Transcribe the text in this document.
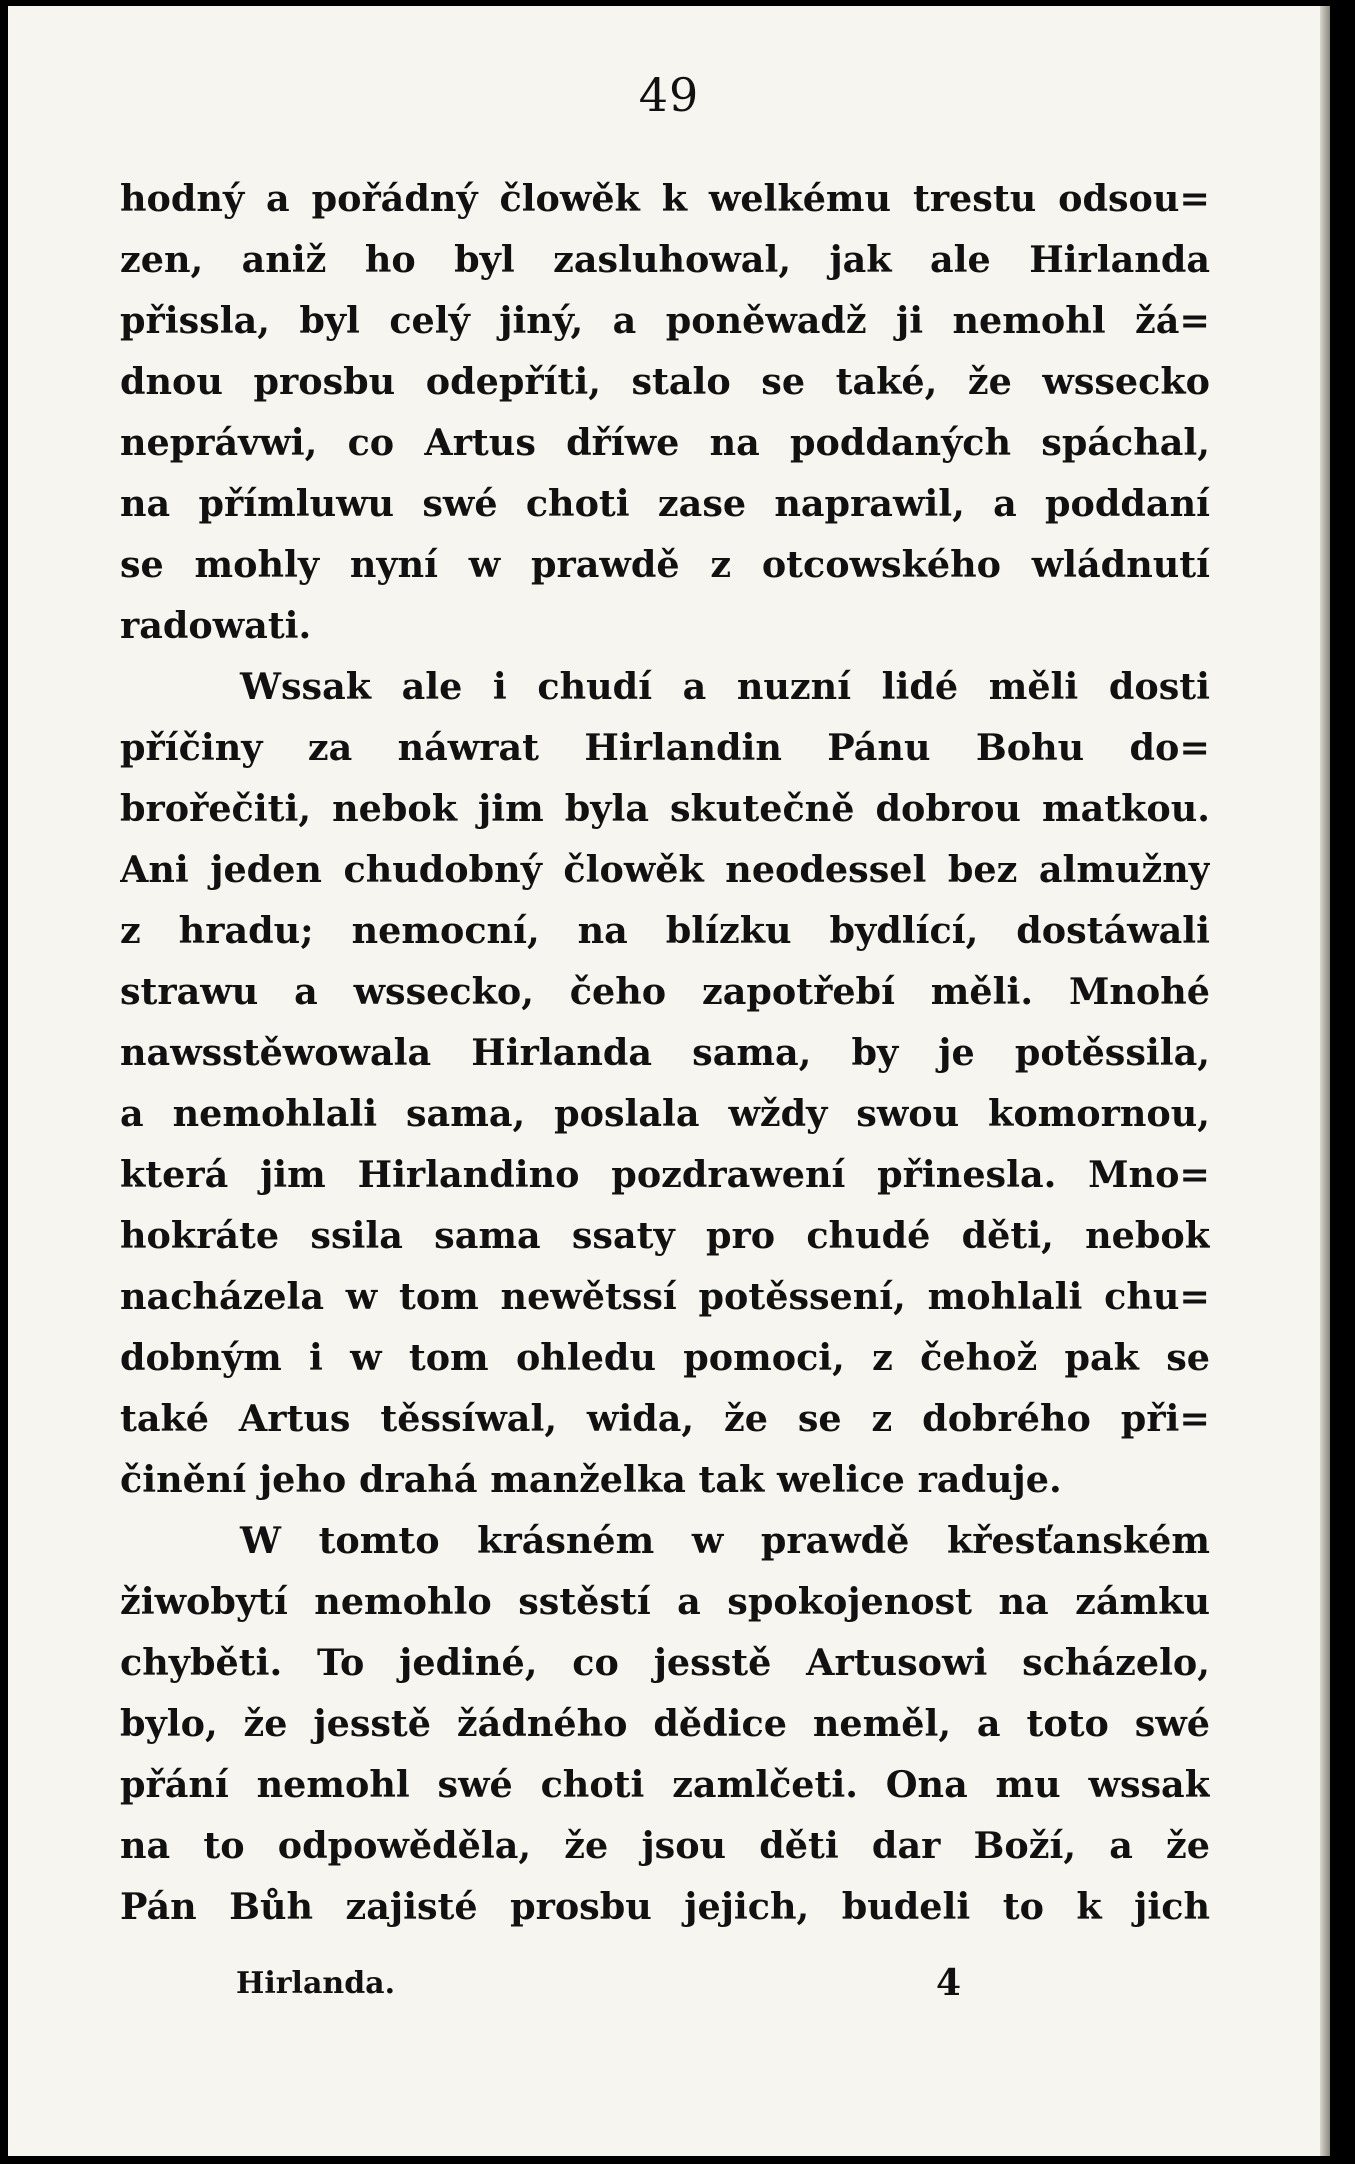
49
hodný a pořádný člowěk k welkému trestu odsou=
zen, aniž ho byl zasluhowal, jak ale Hirlanda
přissla, byl celý jiný, a poněwadž ji nemohl žá=
dnou prosbu odepříti, stalo se také, že wssecko
neprávwi, co Artus dříwe na poddaných spáchal,
na přímluwu swé choti zase naprawil, a poddaní
se mohly nyní w prawdě z otcowského wládnutí
radowati.
Wssak ale i chudí a nuzní lidé měli dosti
příčiny za náwrat Hirlandin Pánu Bohu do=
brořečiti, nebok jim byla skutečně dobrou matkou.
Ani jeden chudobný člowěk neodessel bez almužny
z hradu; nemocní, na blízku bydlící, dostáwali
strawu a wssecko, čeho zapotřebí měli. Mnohé
nawsstěwowala Hirlanda sama, by je potěssila,
a nemohlali sama, poslala wždy swou komornou,
která jim Hirlandino pozdrawení přinesla. Mno=
hokráte ssila sama ssaty pro chudé děti, nebok
nacházela w tom newětssí potěssení, mohlali chu=
dobným i w tom ohledu pomoci, z čehož pak se
také Artus těssíwal, wida, že se z dobrého při=
činění jeho drahá manželka tak welice raduje.
W tomto krásném w prawdě křesťanském
žiwobytí nemohlo sstěstí a spokojenost na zámku
chyběti. To jediné, co jesstě Artusowi scházelo,
bylo, že jesstě žádného dědice neměl, a toto swé
přání nemohl swé choti zamlčeti. Ona mu wssak
na to odpowěděla, že jsou děti dar Boží, a že
Pán Bůh zajisté prosbu jejich, budeli to k jich
Hirlanda.	4
